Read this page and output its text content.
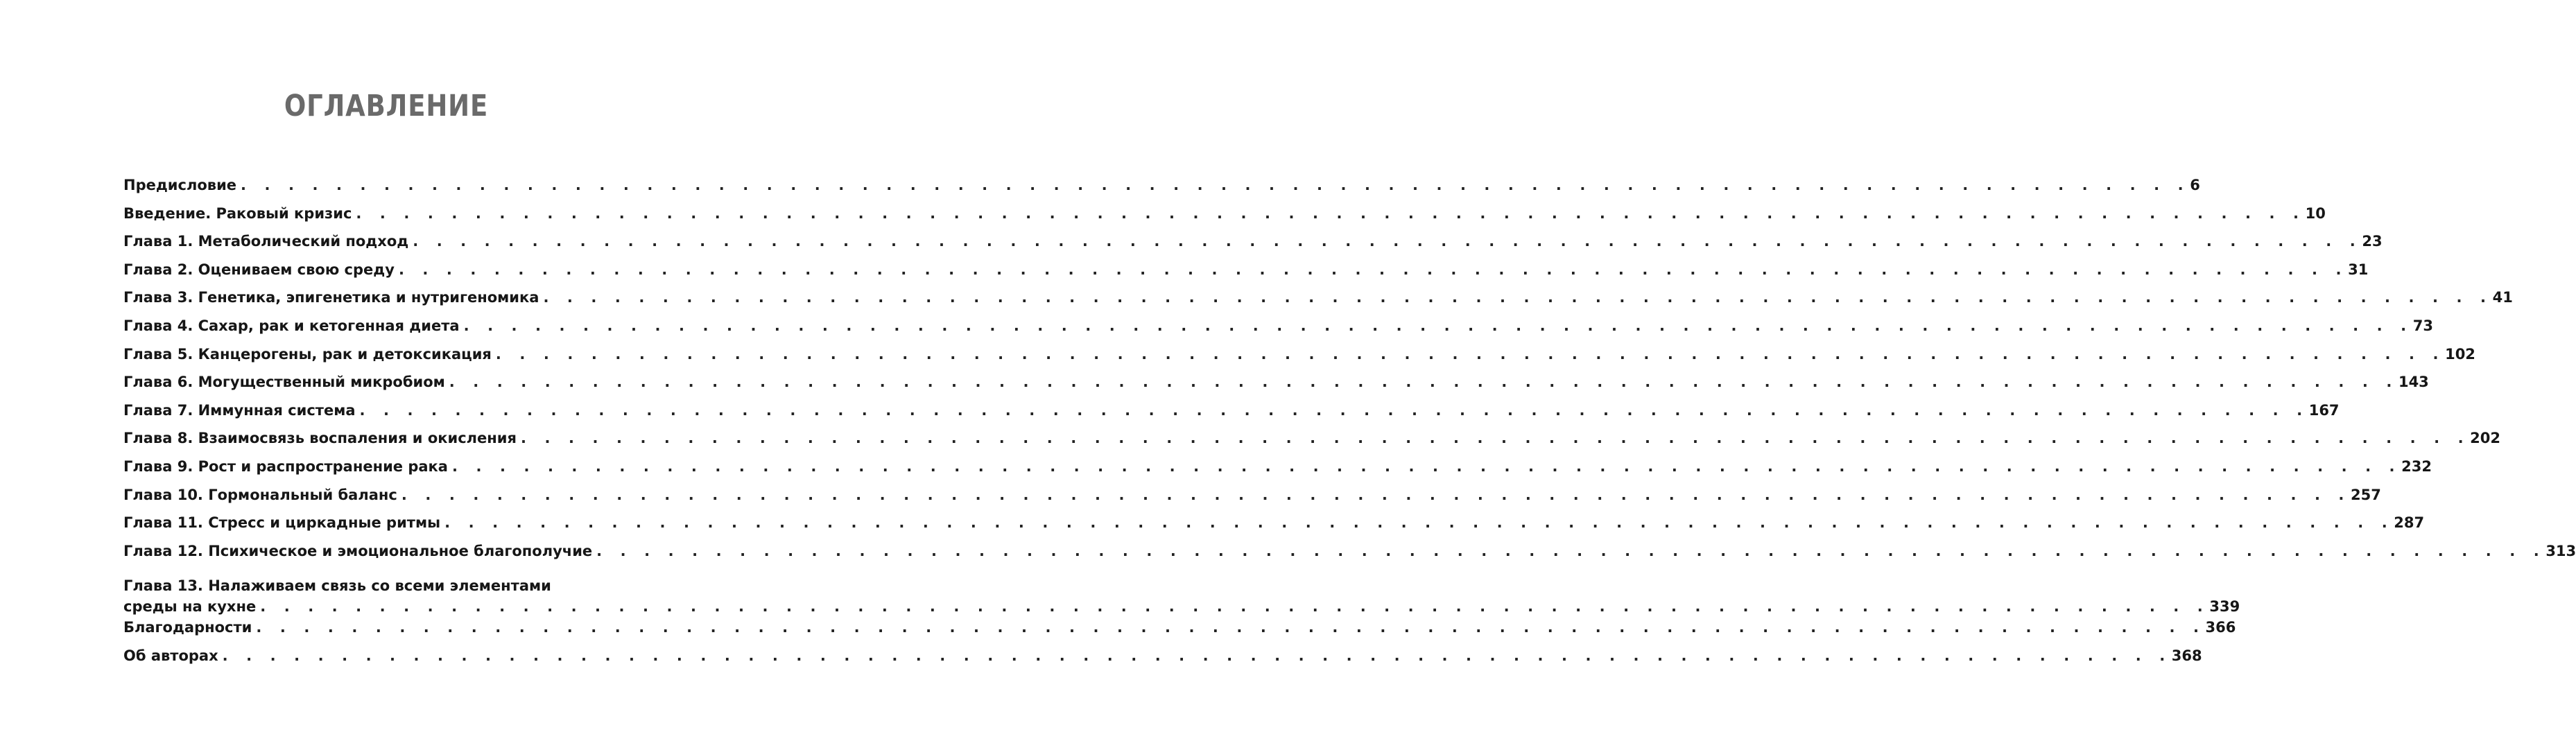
ОГЛАВЛЕНИЕ
Предисловие . . . . . . . . . . . . . . . . . . . . . . . . . . . . . . . . . . . . . . . . . . . . . . . . . . . . . . . . . . . . . . . . . . . . . . . . . . . . . . . . . . 6
Введение. Раковый кризис . . . . . . . . . . . . . . . . . . . . . . . . . . . . . . . . . . . . . . . . . . . . . . . . . . . . . . . . . . . . . . . . . . . . . . . . . . . . . . . . . . 10
Глава 1. Метаболический подход . . . . . . . . . . . . . . . . . . . . . . . . . . . . . . . . . . . . . . . . . . . . . . . . . . . . . . . . . . . . . . . . . . . . . . . . . . . . . . . . . . 23
Глава 2. Оцениваем свою среду . . . . . . . . . . . . . . . . . . . . . . . . . . . . . . . . . . . . . . . . . . . . . . . . . . . . . . . . . . . . . . . . . . . . . . . . . . . . . . . . . . 31
Глава 3. Генетика, эпигенетика и нутригеномика . . . . . . . . . . . . . . . . . . . . . . . . . . . . . . . . . . . . . . . . . . . . . . . . . . . . . . . . . . . . . . . . . . . . . . . . . . . . . . . . . . 41
Глава 4. Сахар, рак и кетогенная диета . . . . . . . . . . . . . . . . . . . . . . . . . . . . . . . . . . . . . . . . . . . . . . . . . . . . . . . . . . . . . . . . . . . . . . . . . . . . . . . . . . 73
Глава 5. Канцерогены, рак и детоксикация . . . . . . . . . . . . . . . . . . . . . . . . . . . . . . . . . . . . . . . . . . . . . . . . . . . . . . . . . . . . . . . . . . . . . . . . . . . . . . . . . . 102
Глава 6. Могущественный микробиом . . . . . . . . . . . . . . . . . . . . . . . . . . . . . . . . . . . . . . . . . . . . . . . . . . . . . . . . . . . . . . . . . . . . . . . . . . . . . . . . . . 143
Глава 7. Иммунная система . . . . . . . . . . . . . . . . . . . . . . . . . . . . . . . . . . . . . . . . . . . . . . . . . . . . . . . . . . . . . . . . . . . . . . . . . . . . . . . . . . 167
Глава 8. Взаимосвязь воспаления и окисления . . . . . . . . . . . . . . . . . . . . . . . . . . . . . . . . . . . . . . . . . . . . . . . . . . . . . . . . . . . . . . . . . . . . . . . . . . . . . . . . . . 202
Глава 9. Рост и распространение рака . . . . . . . . . . . . . . . . . . . . . . . . . . . . . . . . . . . . . . . . . . . . . . . . . . . . . . . . . . . . . . . . . . . . . . . . . . . . . . . . . . 232
Глава 10. Гормональный баланс . . . . . . . . . . . . . . . . . . . . . . . . . . . . . . . . . . . . . . . . . . . . . . . . . . . . . . . . . . . . . . . . . . . . . . . . . . . . . . . . . . 257
Глава 11. Стресс и циркадные ритмы . . . . . . . . . . . . . . . . . . . . . . . . . . . . . . . . . . . . . . . . . . . . . . . . . . . . . . . . . . . . . . . . . . . . . . . . . . . . . . . . . . 287
Глава 12. Психическое и эмоциональное благополучие . . . . . . . . . . . . . . . . . . . . . . . . . . . . . . . . . . . . . . . . . . . . . . . . . . . . . . . . . . . . . . . . . . . . . . . . . . . . . . . . . . 313
Глава 13. Налаживаем связь со всеми элементами
среды на кухне . . . . . . . . . . . . . . . . . . . . . . . . . . . . . . . . . . . . . . . . . . . . . . . . . . . . . . . . . . . . . . . . . . . . . . . . . . . . . . . . . . 339
Благодарности . . . . . . . . . . . . . . . . . . . . . . . . . . . . . . . . . . . . . . . . . . . . . . . . . . . . . . . . . . . . . . . . . . . . . . . . . . . . . . . . . . 366
Об авторах . . . . . . . . . . . . . . . . . . . . . . . . . . . . . . . . . . . . . . . . . . . . . . . . . . . . . . . . . . . . . . . . . . . . . . . . . . . . . . . . . . 368
